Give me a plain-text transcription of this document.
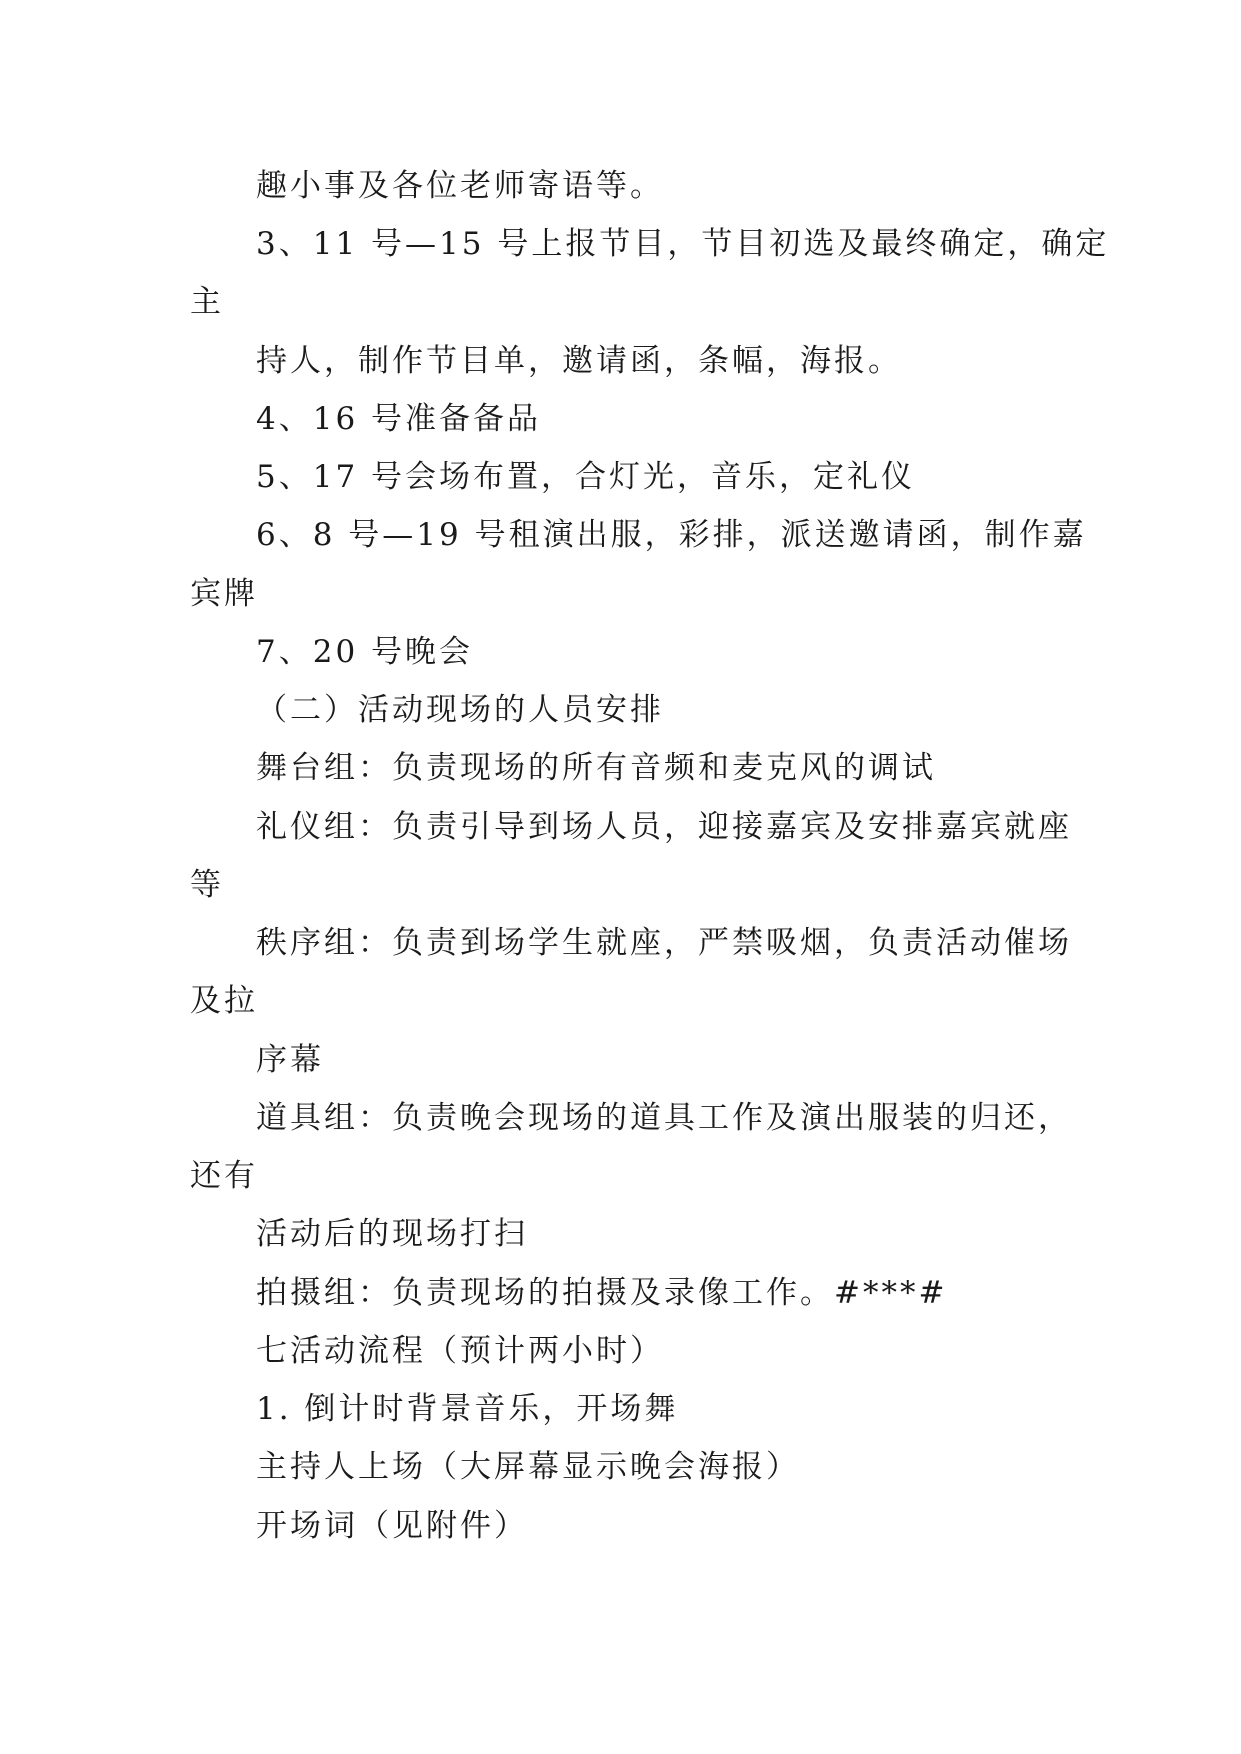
趣小事及各位老师寄语等。
3、11 号—15 号上报节目，节目初选及最终确定，确定
主
持人，制作节目单，邀请函，条幅，海报。
4、16 号准备备品
5、17 号会场布置，合灯光，音乐，定礼仪
6、8 号—19 号租演出服，彩排，派送邀请函，制作嘉
宾牌
7、20 号晚会
（二）活动现场的人员安排
舞台组：负责现场的所有音频和麦克风的调试
礼仪组：负责引导到场人员，迎接嘉宾及安排嘉宾就座
等
秩序组：负责到场学生就座，严禁吸烟，负责活动催场
及拉
序幕
道具组：负责晚会现场的道具工作及演出服装的归还，
还有
活动后的现场打扫
拍摄组：负责现场的拍摄及录像工作。#***#
七活动流程（预计两小时）
1. 倒计时背景音乐，开场舞
主持人上场（大屏幕显示晚会海报）
开场词（见附件）
